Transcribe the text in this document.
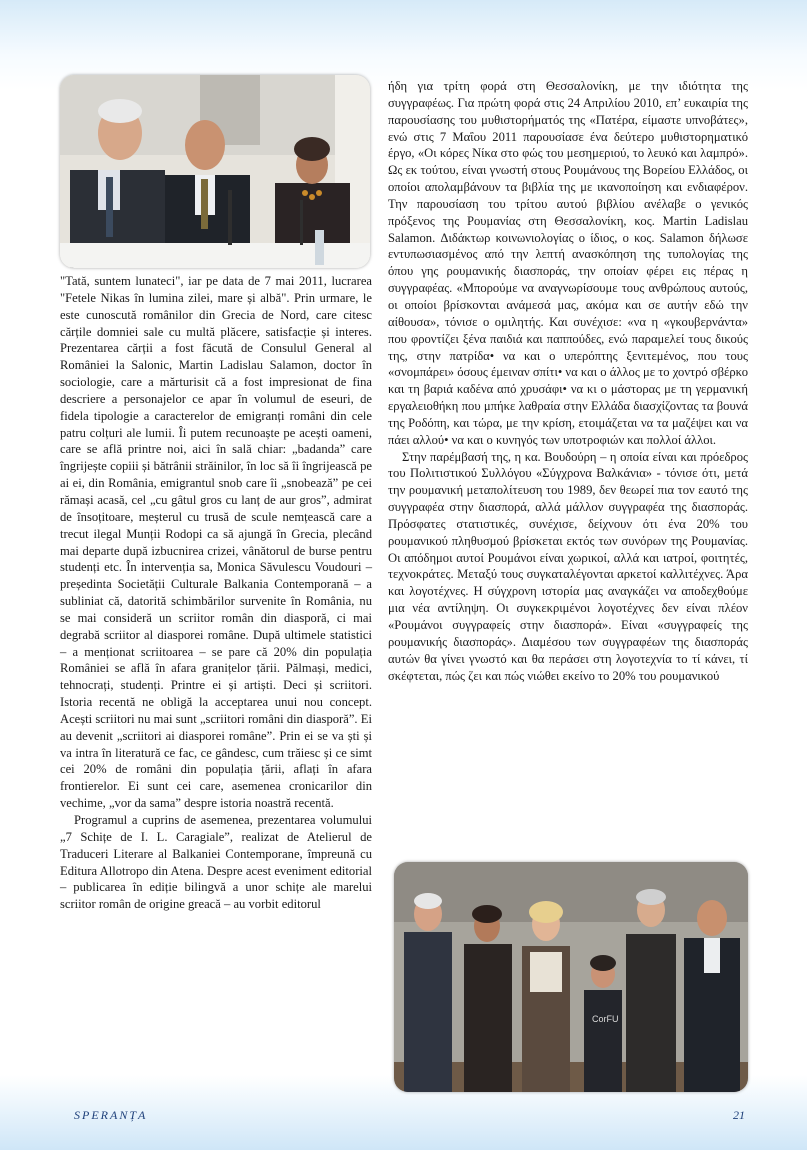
"Tată, suntem lunateci", iar pe data de 7 mai 2011, lucrarea "Fetele Nikas în lumina zilei, mare și albă". Prin urmare, le este cunoscută românilor din Grecia de Nord, care citesc cărțile domniei sale cu multă plăcere, satisfacție și interes. Prezentarea cărții a fost făcută de Consulul General al României la Salonic, Martin Ladislau Salamon, doctor în sociologie, care a mărturisit că a fost impresionat de fina descriere a personajelor ce apar în volumul de eseuri, de fidela tipologie a caracterelor de emigranți români din cele patru colțuri ale lumii. Îi putem recunoaște pe acești oameni, care se află printre noi, aici în sală chiar: „badanda” care îngrijește copiii și bătrânii străinilor, în loc să îi îngrijească pe ai ei, din România, emigrantul snob care îi „snobează” pe cei rămași acasă, cel „cu gâtul gros cu lanț de aur gros”, admirat de însoțitoare, meșterul cu trusă de scule nemțească care a trecut ilegal Munții Rodopi ca să ajungă în Grecia, plecând mai departe după izbucnirea crizei, vânătorul de burse pentru studenți etc. În intervenția sa, Monica Săvulescu Voudouri – președinta Societății Culturale Balkania Contemporană – a subliniat că, datorită schimbărilor survenite în România, nu se mai consideră un scriitor român din diasporă, ci mai degrabă scriitor al diasporei române. După ultimele statistici – a menționat scriitoarea – se pare că 20% din populația României se află în afara granițelor țării. Pălmași, medici, tehnocrați, studenți. Printre ei și artiști. Deci și scriitori. Istoria recentă ne obligă la acceptarea unui nou concept. Acești scriitori nu mai sunt „scriitori români din diasporă”. Ei au devenit „scriitori ai diasporei române”. Prin ei se va ști și va intra în literatură ce fac, ce gândesc, cum trăiesc și ce simt cei 20% de români din populația țării, aflați în afara frontierelor. Ei sunt cei care, asemenea cronicarilor din vechime, „vor da sama” despre istoria noastră recentă.

Programul a cuprins de asemenea, prezentarea volumului „7 Schițe de I. L. Caragiale”, realizat de Atelierul de Traduceri Literare al Balkaniei Contemporane, împreună cu Editura Allotropo din Atena. Despre acest eveniment editorial – publicarea în ediție bilingvă a unor schițe ale marelui scriitor român de origine greacă – au vorbit editorul

ήδη για τρίτη φορά στη Θεσσαλονίκη, με την ιδιότητα της συγγραφέως. Για πρώτη φορά στις 24 Απριλίου 2010, επ’ ευκαιρία της παρουσίασης του μυθιστορήματός της «Πατέρα, είμαστε υπνοβάτες», ενώ στις 7 Μαΐου 2011 παρουσίασε ένα δεύτερο μυθιστορηματικό έργο, «Οι κόρες Νίκα στο φώς του μεσημεριού, το λευκό και λαμπρό». Ως εκ τούτου, είναι γνωστή στους Ρουμάνους της Βορείου Ελλάδος, οι οποίοι απολαμβάνουν τα βιβλία της με ικανοποίηση και ενδιαφέρον. Την παρουσίαση του τρίτου αυτού βιβλίου ανέλαβε ο γενικός πρόξενος της Ρουμανίας στη Θεσσαλονίκη, κος. Martin Ladislau Salamon. Διδάκτωρ κοινωνιολογίας ο ίδιος, ο κος. Salamon δήλωσε εντυπωσιασμένος από την λεπτή ανασκόπηση της τυπολογίας της όπου γης ρουμανικής διασποράς, την οποίαν φέρει εις πέρας η συγγραφέας. «Μπορούμε να αναγνωρίσουμε τους ανθρώπους αυτούς, οι οποίοι βρίσκονται ανάμεσά μας, ακόμα και σε αυτήν εδώ την αίθουσα», τόνισε ο ομιλητής. Και συνέχισε: «να η «γκουβερνάντα» που φροντίζει ξένα παιδιά και παππούδες, ενώ παραμελεί τους δικούς της, στην πατρίδα• να και ο υπερόπτης ξενιτεμένος, που τους «σνομπάρει» όσους έμειναν σπίτι• να και ο άλλος με το χοντρό σβέρκο και τη βαριά καδένα από χρυσάφι• να κι ο μάστορας με τη γερμανική εργαλειοθήκη που μπήκε λαθραία στην Ελλάδα διασχίζοντας τα βουνά της Ροδόπη, και τώρα, με την κρίση, ετοιμάζεται να τα μαζέψει και να πάει αλλού• να και ο κυνηγός των υποτροφιών και πολλοί άλλοι.

Στην παρέμβασή της, η κα. Βουδούρη – η οποία είναι και πρόεδρος του Πολιτιστικού Συλλόγου «Σύγχρονα Βαλκάνια» - τόνισε ότι, μετά την ρουμανική μεταπολίτευση του 1989, δεν θεωρεί πια τον εαυτό της συγγραφέα στην διασπορά, αλλά μάλλον συγγραφέα της διασποράς. Πρόσφατες στατιστικές, συνέχισε, δείχνουν ότι ένα 20% του ρουμανικού πληθυσμού βρίσκεται εκτός των συνόρων της Ρουμανίας. Οι απόδημοι αυτοί Ρουμάνοι είναι χωρικοί, αλλά και ιατροί, φοιτητές, τεχνοκράτες. Μεταξύ τους συγκαταλέγονται αρκετοί καλλιτέχνες. Άρα και λογοτέχνες. Η σύγχρονη ιστορία μας αναγκάζει να αποδεχθούμε μια νέα αντίληψη. Οι συγκεκριμένοι λογοτέχνες δεν είναι πλέον «Ρουμάνοι συγγραφείς στην διασπορά». Είναι «συγγραφείς της ρουμανικής διασποράς». Διαμέσου των συγγραφέων της διασποράς αυτών θα γίνει γνωστό και θα περάσει στη λογοτεχνία το τί κάνει, τί σκέφτεται, πώς ζει και πώς νιώθει εκείνο το 20% του ρουμανικού

CorFU
SPERANȚA	21
